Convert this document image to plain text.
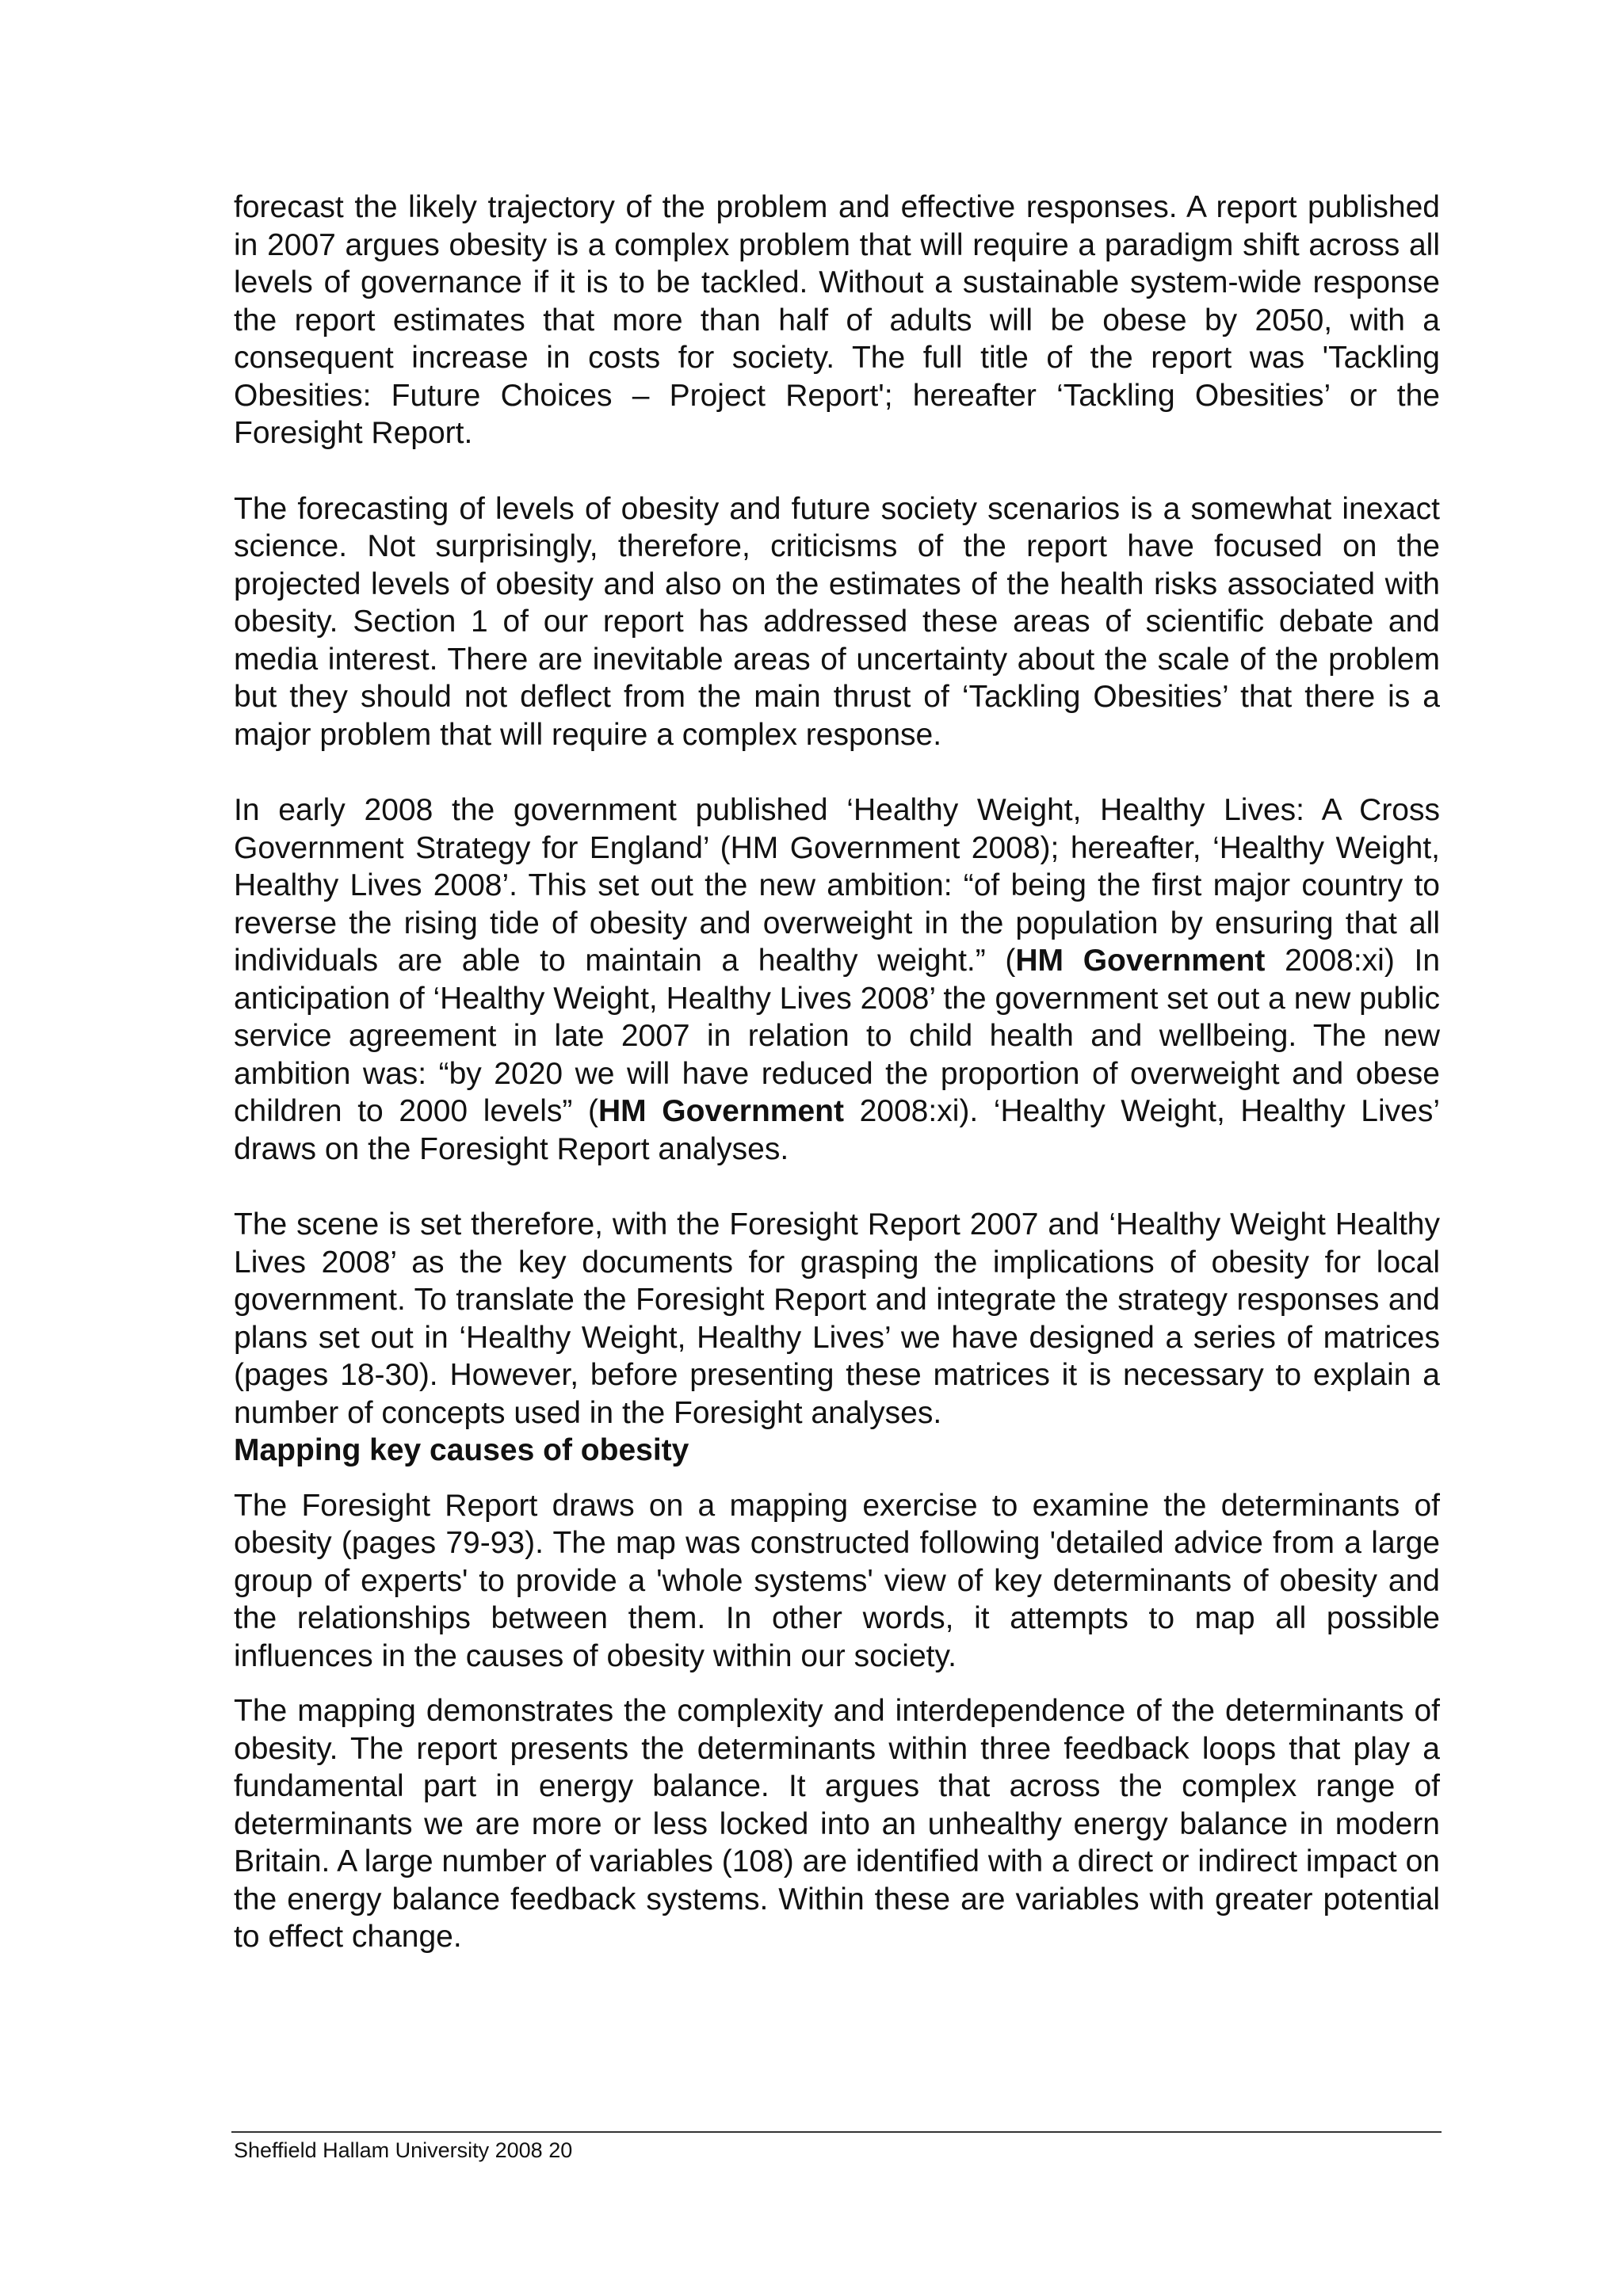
forecast the likely trajectory of the problem and effective responses. A report published in 2007 argues obesity is a complex problem that will require a paradigm shift across all levels of governance if it is to be tackled. Without a sustainable system-wide response the report estimates that more than half of adults will be obese by 2050, with a consequent increase in costs for society. The full title of the report was 'Tackling Obesities: Future Choices – Project Report'; hereafter ‘Tackling Obesities’ or the Foresight Report.

The forecasting of levels of obesity and future society scenarios is a somewhat inexact science. Not surprisingly, therefore, criticisms of the report have focused on the projected levels of obesity and also on the estimates of the health risks associated with obesity. Section 1 of our report has addressed these areas of scientific debate and media interest. There are inevitable areas of uncertainty about the scale of the problem but they should not deflect from the main thrust of ‘Tackling Obesities’ that there is a major problem that will require a complex response.

In early 2008 the government published ‘Healthy Weight, Healthy Lives: A Cross Government Strategy for England’ (HM Government 2008); hereafter, ‘Healthy Weight, Healthy Lives 2008’. This set out the new ambition: “of being the first major country to reverse the rising tide of obesity and overweight in the population by ensuring that all individuals are able to maintain a healthy weight.” (HM Government 2008:xi) In anticipation of ‘Healthy Weight, Healthy Lives 2008’ the government set out a new public service agreement in late 2007 in relation to child health and wellbeing. The new ambition was: “by 2020 we will have reduced the proportion of overweight and obese children to 2000 levels” (HM Government 2008:xi). ‘Healthy Weight, Healthy Lives’ draws on the Foresight Report analyses.

The scene is set therefore, with the Foresight Report 2007 and ‘Healthy Weight Healthy Lives 2008’ as the key documents for grasping the implications of obesity for local government. To translate the Foresight Report and integrate the strategy responses and plans set out in ‘Healthy Weight, Healthy Lives’ we have designed a series of matrices (pages 18-30). However, before presenting these matrices it is necessary to explain a number of concepts used in the Foresight analyses.

Mapping key causes of obesity

The Foresight Report draws on a mapping exercise to examine the determinants of obesity (pages 79-93). The map was constructed following 'detailed advice from a large group of experts' to provide a 'whole systems' view of key determinants of obesity and the relationships between them. In other words, it attempts to map all possible influences in the causes of obesity within our society.

The mapping demonstrates the complexity and interdependence of the determinants of obesity. The report presents the determinants within three feedback loops that play a fundamental part in energy balance. It argues that across the complex range of determinants we are more or less locked into an unhealthy energy balance in modern Britain. A large number of variables (108) are identified with a direct or indirect impact on the energy balance feedback systems. Within these are variables with greater potential to effect change.

Sheffield Hallam University 2008 20
